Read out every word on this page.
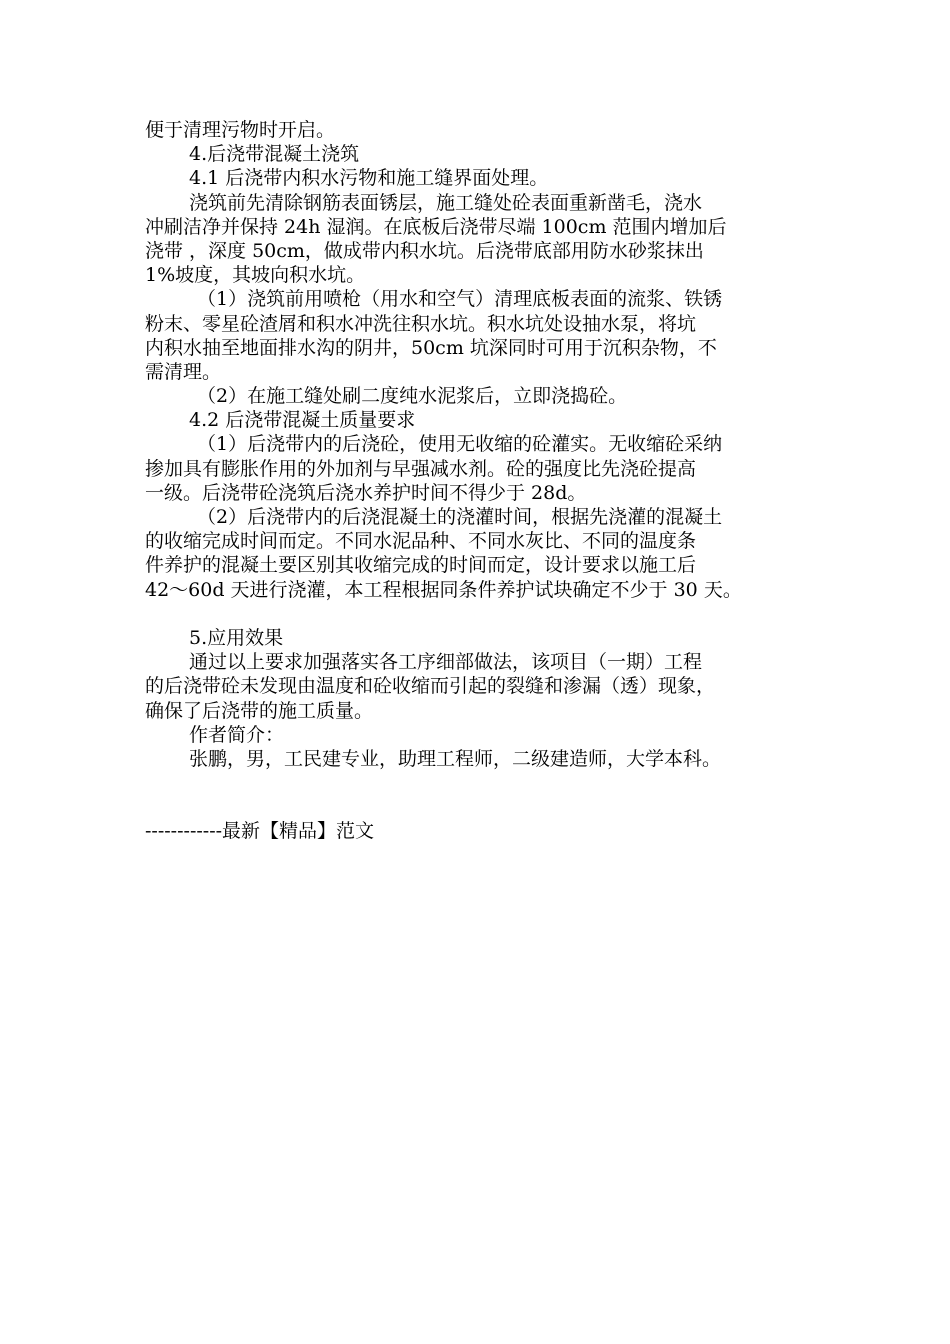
便于清理污物时开启。
4.后浇带混凝土浇筑
4.1 后浇带内积水污物和施工缝界面处理。
浇筑前先清除钢筋表面锈层，施工缝处砼表面重新凿毛，浇水
冲刷洁净并保持 24h 湿润。在底板后浇带尽端 100cm 范围内增加后
浇带 ，深度 50cm，做成带内积水坑。后浇带底部用防水砂浆抹出
1%坡度，其坡向积水坑。
（1）浇筑前用喷枪（用水和空气）清理底板表面的流浆、铁锈
粉末、零星砼渣屑和积水冲洗往积水坑。积水坑处设抽水泵，将坑
内积水抽至地面排水沟的阴井，50cm 坑深同时可用于沉积杂物，不
需清理。
（2）在施工缝处刷二度纯水泥浆后，立即浇捣砼。
4.2 后浇带混凝土质量要求
（1）后浇带内的后浇砼，使用无收缩的砼灌实。无收缩砼采纳
掺加具有膨胀作用的外加剂与早强减水剂。砼的强度比先浇砼提高
一级。后浇带砼浇筑后浇水养护时间不得少于 28d。
（2）后浇带内的后浇混凝土的浇灌时间，根据先浇灌的混凝土
的收缩完成时间而定。不同水泥品种、不同水灰比、不同的温度条
件养护的混凝土要区别其收缩完成的时间而定，设计要求以施工后
42～60d 天进行浇灌，本工程根据同条件养护试块确定不少于 30 天。
5.应用效果
通过以上要求加强落实各工序细部做法，该项目（一期）工程
的后浇带砼未发现由温度和砼收缩而引起的裂缝和渗漏（透）现象，
确保了后浇带的施工质量。
作者简介：
张鹏，男，工民建专业，助理工程师，二级建造师，大学本科。
------------最新【精品】范文
